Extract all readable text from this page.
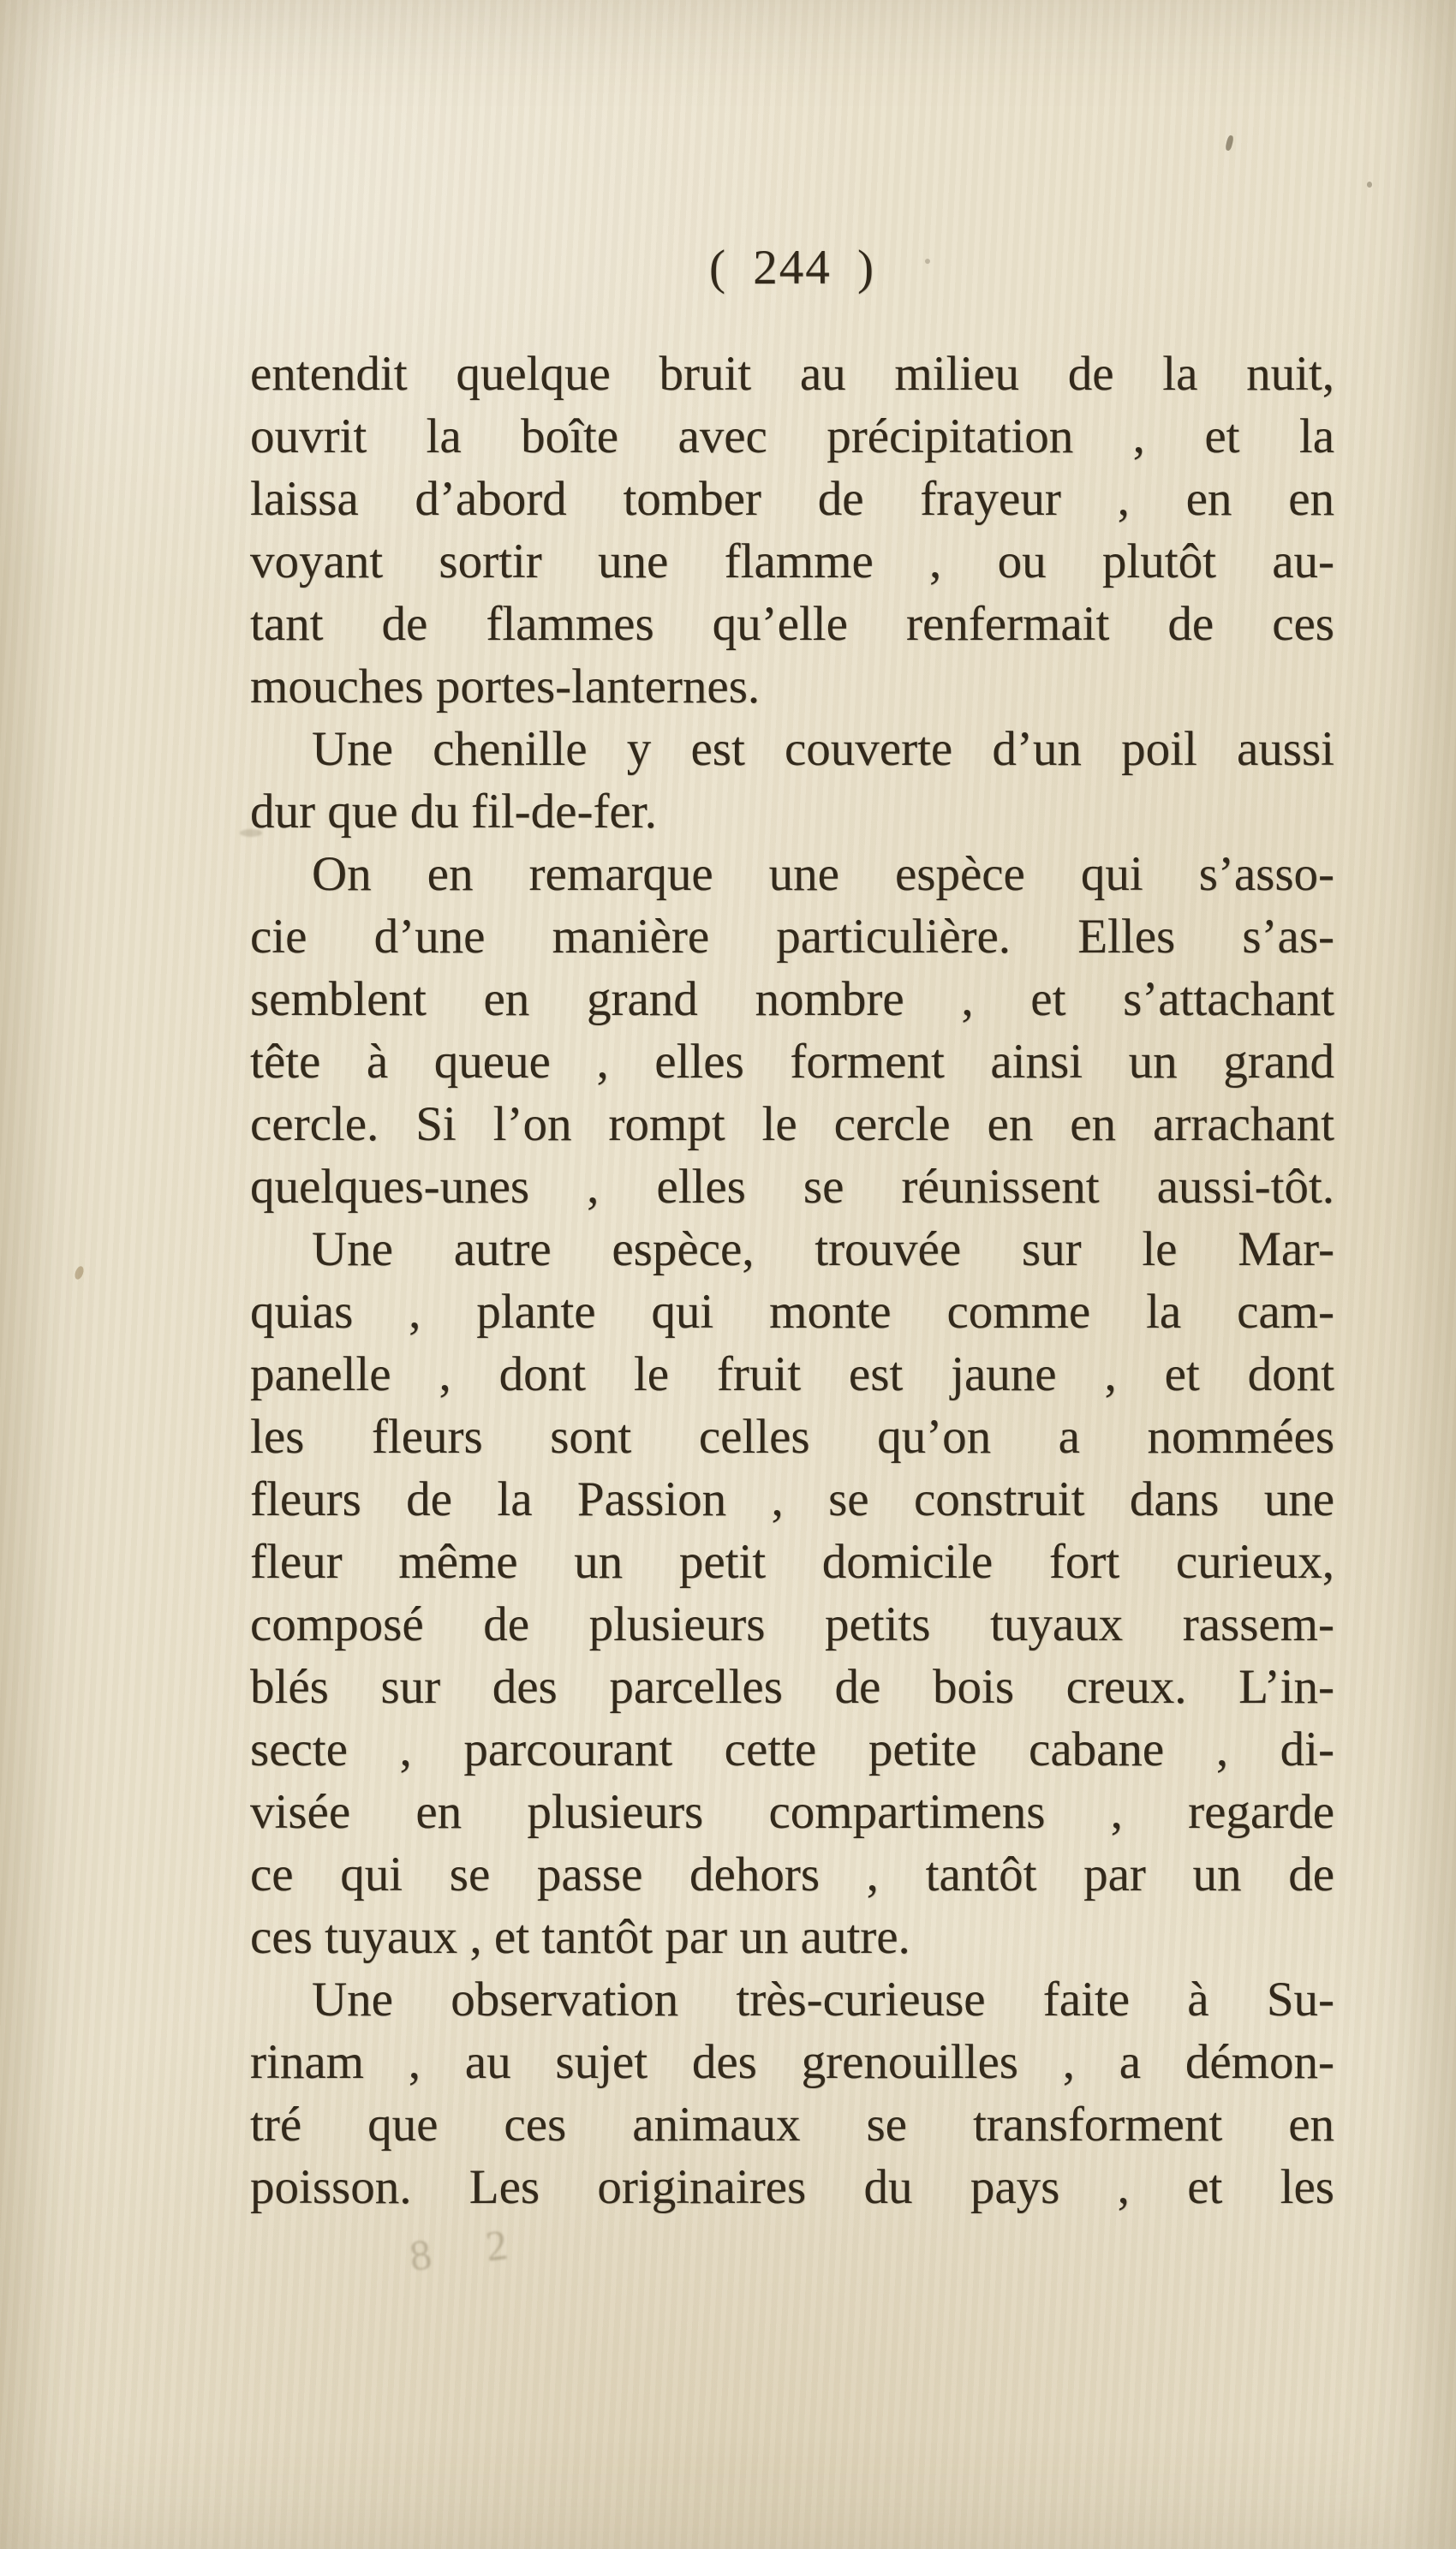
( 244 )
entendit quelque bruit au milieu de la nuit,
ouvrit la boîte avec précipitation , et la
laissa d’abord tomber de frayeur , en en
voyant sortir une flamme , ou plutôt au-
tant de flammes qu’elle renfermait de ces
mouches portes-lanternes.
Une chenille y est couverte d’un poil aussi
dur que du fil-de-fer.
On en remarque une espèce qui s’asso-
cie d’une manière particulière. Elles s’as-
semblent en grand nombre , et s’attachant
tête à queue , elles forment ainsi un grand
cercle. Si l’on rompt le cercle en en arrachant
quelques-unes , elles se réunissent aussi-tôt.
Une autre espèce, trouvée sur le Mar-
quias , plante qui monte comme la cam-
panelle , dont le fruit est jaune , et dont
les fleurs sont celles qu’on a nommées
fleurs de la Passion , se construit dans une
fleur même un petit domicile fort curieux,
composé de plusieurs petits tuyaux rassem-
blés sur des parcelles de bois creux. L’in-
secte , parcourant cette petite cabane , di-
visée en plusieurs compartimens , regarde
ce qui se passe dehors , tantôt par un de
ces tuyaux , et tantôt par un autre.
Une observation très-curieuse faite à Su-
rinam , au sujet des grenouilles , a démon-
tré que ces animaux se transforment en
poisson. Les originaires du pays , et les
8 2
